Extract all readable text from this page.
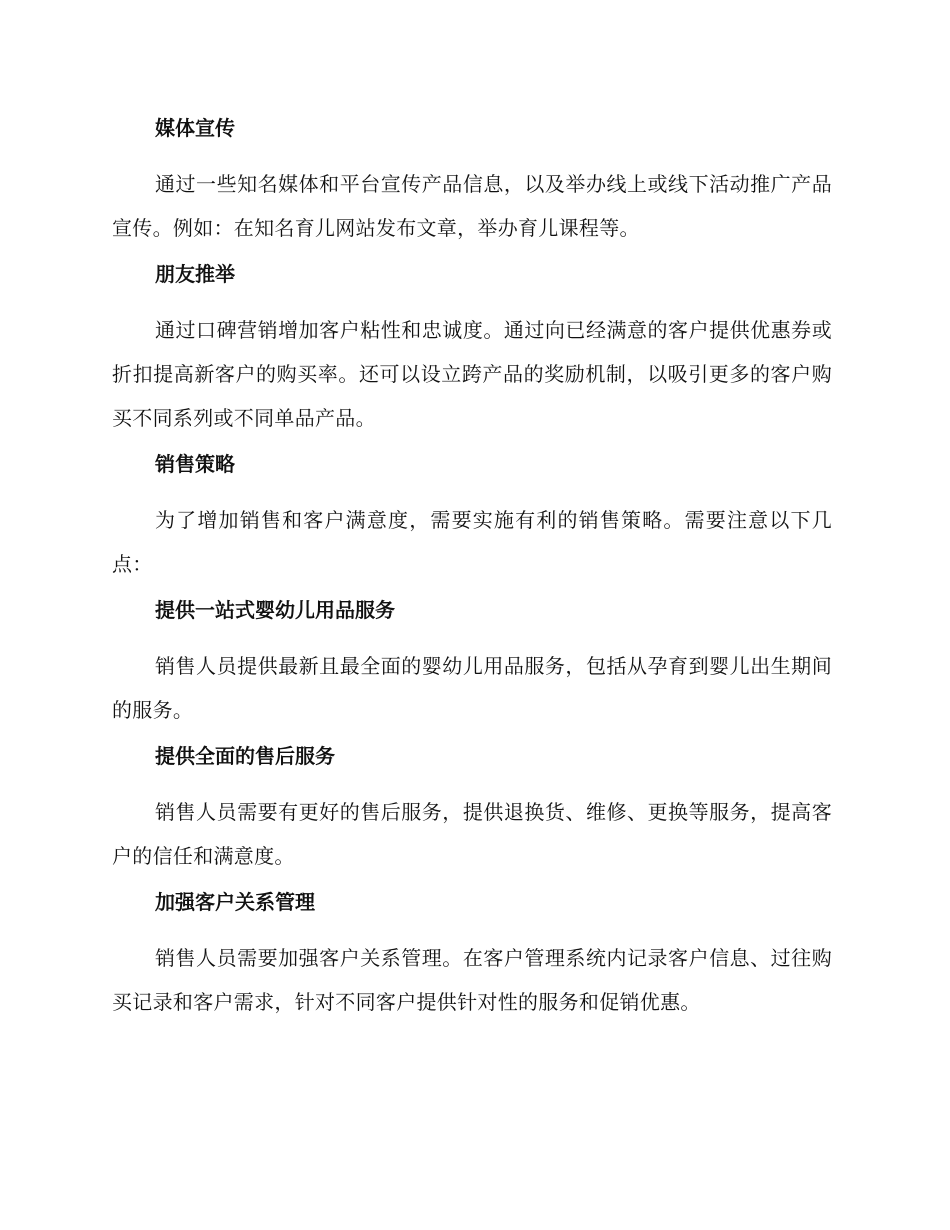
媒体宣传

通过一些知名媒体和平台宣传产品信息，以及举办线上或线下活动推广产品宣传。例如：在知名育儿网站发布文章，举办育儿课程等。

朋友推举

通过口碑营销增加客户粘性和忠诚度。通过向已经满意的客户提供优惠券或折扣提高新客户的购买率。还可以设立跨产品的奖励机制，以吸引更多的客户购买不同系列或不同单品产品。

销售策略

为了增加销售和客户满意度，需要实施有利的销售策略。需要注意以下几点：

提供一站式婴幼儿用品服务

销售人员提供最新且最全面的婴幼儿用品服务，包括从孕育到婴儿出生期间的服务。

提供全面的售后服务

销售人员需要有更好的售后服务，提供退换货、维修、更换等服务，提高客户的信任和满意度。

加强客户关系管理

销售人员需要加强客户关系管理。在客户管理系统内记录客户信息、过往购买记录和客户需求，针对不同客户提供针对性的服务和促销优惠。
